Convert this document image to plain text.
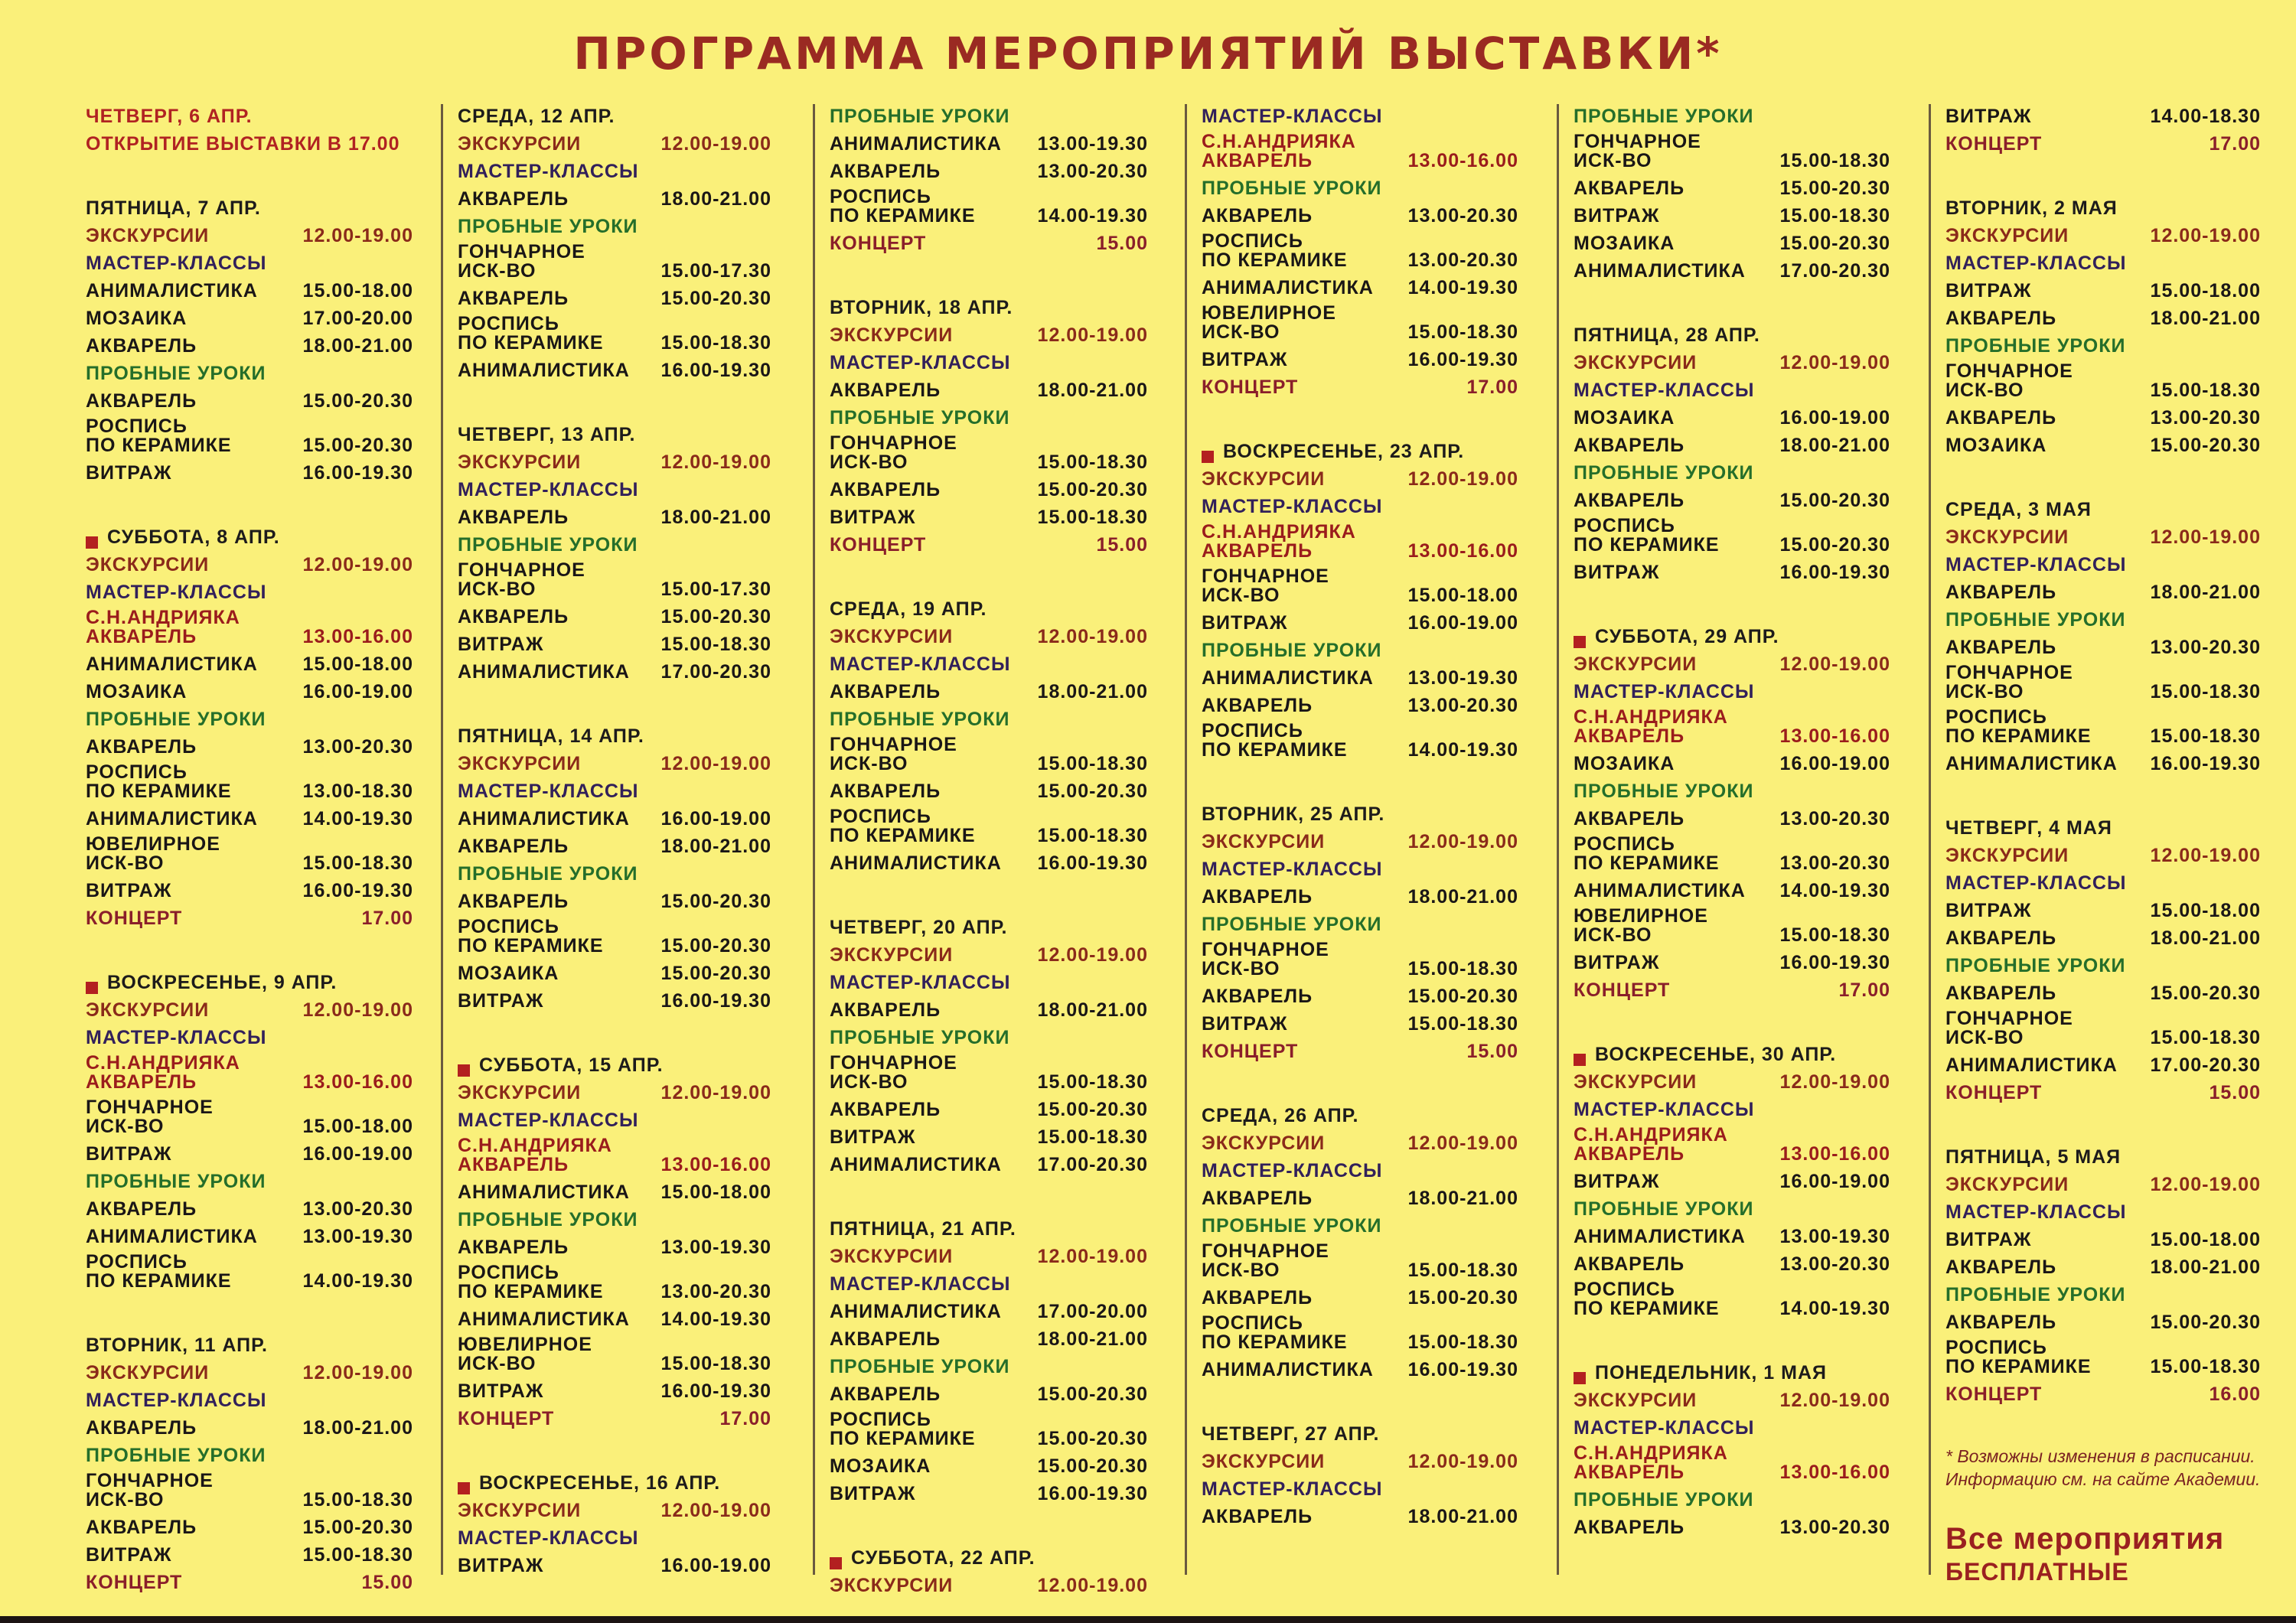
ПРОГРАММА МЕРОПРИЯТИЙ ВЫСТАВКИ*
ЧЕТВЕРГ, 6 АПР.
ОТКРЫТИЕ ВЫСТАВКИ В 17.00
ПЯТНИЦА, 7 АПР.
ЭКСКУРСИИ	12.00-19.00
МАСТЕР-КЛАССЫ
АНИМАЛИСТИКА 15.00-18.00
МОЗАИКА	17.00-20.00
АКВАРЕЛЬ	18.00-21.00
ПРОБНЫЕ УРОКИ
АКВАРЕЛЬ	15.00-20.30
РОСПИСЬ
ПО КЕРАМИКЕ	15.00-20.30
ВИТРАЖ	16.00-19.30
СУББОТА, 8 АПР.
ЭКСКУРСИИ	12.00-19.00
МАСТЕР-КЛАССЫ
С.Н.АНДРИЯКА
АКВАРЕЛЬ	13.00-16.00
АНИМАЛИСТИКА 15.00-18.00
МОЗАИКА	16.00-19.00
ПРОБНЫЕ УРОКИ
АКВАРЕЛЬ	13.00-20.30
РОСПИСЬ
ПО КЕРАМИКЕ	13.00-18.30
АНИМАЛИСТИКА 14.00-19.30
ЮВЕЛИРНОЕ
ИСК-ВО	15.00-18.30
ВИТРАЖ	16.00-19.30
КОНЦЕРТ	17.00
ВОСКРЕСЕНЬЕ, 9 АПР.
ЭКСКУРСИИ	12.00-19.00
МАСТЕР-КЛАССЫ
С.Н.АНДРИЯКА
АКВАРЕЛЬ	13.00-16.00
ГОНЧАРНОЕ
ИСК-ВО	15.00-18.00
ВИТРАЖ	16.00-19.00
ПРОБНЫЕ УРОКИ
АКВАРЕЛЬ	13.00-20.30
АНИМАЛИСТИКА 13.00-19.30
РОСПИСЬ
ПО КЕРАМИКЕ	14.00-19.30
ВТОРНИК, 11 АПР.
ЭКСКУРСИИ	12.00-19.00
МАСТЕР-КЛАССЫ
АКВАРЕЛЬ	18.00-21.00
ПРОБНЫЕ УРОКИ
ГОНЧАРНОЕ
ИСК-ВО	15.00-18.30
АКВАРЕЛЬ	15.00-20.30
ВИТРАЖ	15.00-18.30
КОНЦЕРТ	15.00
СРЕДА, 12 АПР.
ЭКСКУРСИИ	12.00-19.00
МАСТЕР-КЛАССЫ
АКВАРЕЛЬ	18.00-21.00
ПРОБНЫЕ УРОКИ
ГОНЧАРНОЕ
ИСК-ВО	15.00-17.30
АКВАРЕЛЬ	15.00-20.30
РОСПИСЬ
ПО КЕРАМИКЕ	15.00-18.30
АНИМАЛИСТИКА 16.00-19.30
ЧЕТВЕРГ, 13 АПР.
ЭКСКУРСИИ	12.00-19.00
МАСТЕР-КЛАССЫ
АКВАРЕЛЬ	18.00-21.00
ПРОБНЫЕ УРОКИ
ГОНЧАРНОЕ
ИСК-ВО	15.00-17.30
АКВАРЕЛЬ	15.00-20.30
ВИТРАЖ	15.00-18.30
АНИМАЛИСТИКА 17.00-20.30
ПЯТНИЦА, 14 АПР.
ЭКСКУРСИИ	12.00-19.00
МАСТЕР-КЛАССЫ
АНИМАЛИСТИКА 16.00-19.00
АКВАРЕЛЬ	18.00-21.00
ПРОБНЫЕ УРОКИ
АКВАРЕЛЬ	15.00-20.30
РОСПИСЬ
ПО КЕРАМИКЕ	15.00-20.30
МОЗАИКА	15.00-20.30
ВИТРАЖ	16.00-19.30
СУББОТА, 15 АПР.
ЭКСКУРСИИ	12.00-19.00
МАСТЕР-КЛАССЫ
С.Н.АНДРИЯКА
АКВАРЕЛЬ	13.00-16.00
АНИМАЛИСТИКА 15.00-18.00
ПРОБНЫЕ УРОКИ
АКВАРЕЛЬ	13.00-19.30
РОСПИСЬ
ПО КЕРАМИКЕ	13.00-20.30
АНИМАЛИСТИКА 14.00-19.30
ЮВЕЛИРНОЕ
ИСК-ВО	15.00-18.30
ВИТРАЖ	16.00-19.30
КОНЦЕРТ	17.00
ВОСКРЕСЕНЬЕ, 16 АПР.
ЭКСКУРСИИ	12.00-19.00
МАСТЕР-КЛАССЫ
ВИТРАЖ	16.00-19.00
ПРОБНЫЕ УРОКИ
АНИМАЛИСТИКА 13.00-19.30
АКВАРЕЛЬ	13.00-20.30
РОСПИСЬ
ПО КЕРАМИКЕ	14.00-19.30
КОНЦЕРТ	15.00
ВТОРНИК, 18 АПР.
ЭКСКУРСИИ	12.00-19.00
МАСТЕР-КЛАССЫ
АКВАРЕЛЬ	18.00-21.00
ПРОБНЫЕ УРОКИ
ГОНЧАРНОЕ
ИСК-ВО	15.00-18.30
АКВАРЕЛЬ	15.00-20.30
ВИТРАЖ	15.00-18.30
КОНЦЕРТ	15.00
СРЕДА, 19 АПР.
ЭКСКУРСИИ	12.00-19.00
МАСТЕР-КЛАССЫ
АКВАРЕЛЬ	18.00-21.00
ПРОБНЫЕ УРОКИ
ГОНЧАРНОЕ
ИСК-ВО	15.00-18.30
АКВАРЕЛЬ	15.00-20.30
РОСПИСЬ
ПО КЕРАМИКЕ	15.00-18.30
АНИМАЛИСТИКА 16.00-19.30
ЧЕТВЕРГ, 20 АПР.
ЭКСКУРСИИ	12.00-19.00
МАСТЕР-КЛАССЫ
АКВАРЕЛЬ	18.00-21.00
ПРОБНЫЕ УРОКИ
ГОНЧАРНОЕ
ИСК-ВО	15.00-18.30
АКВАРЕЛЬ	15.00-20.30
ВИТРАЖ	15.00-18.30
АНИМАЛИСТИКА 17.00-20.30
ПЯТНИЦА, 21 АПР.
ЭКСКУРСИИ	12.00-19.00
МАСТЕР-КЛАССЫ
АНИМАЛИСТИКА 17.00-20.00
АКВАРЕЛЬ	18.00-21.00
ПРОБНЫЕ УРОКИ
АКВАРЕЛЬ	15.00-20.30
РОСПИСЬ
ПО КЕРАМИКЕ	15.00-20.30
МОЗАИКА	15.00-20.30
ВИТРАЖ	16.00-19.30
СУББОТА, 22 АПР.
ЭКСКУРСИИ	12.00-19.00
МАСТЕР-КЛАССЫ
С.Н.АНДРИЯКА
АКВАРЕЛЬ	13.00-16.00
ПРОБНЫЕ УРОКИ
АКВАРЕЛЬ	13.00-20.30
РОСПИСЬ
ПО КЕРАМИКЕ	13.00-20.30
АНИМАЛИСТИКА 14.00-19.30
ЮВЕЛИРНОЕ
ИСК-ВО	15.00-18.30
ВИТРАЖ	16.00-19.30
КОНЦЕРТ	17.00
ВОСКРЕСЕНЬЕ, 23 АПР.
ЭКСКУРСИИ	12.00-19.00
МАСТЕР-КЛАССЫ
С.Н.АНДРИЯКА
АКВАРЕЛЬ	13.00-16.00
ГОНЧАРНОЕ
ИСК-ВО	15.00-18.00
ВИТРАЖ	16.00-19.00
ПРОБНЫЕ УРОКИ
АНИМАЛИСТИКА 13.00-19.30
АКВАРЕЛЬ	13.00-20.30
РОСПИСЬ
ПО КЕРАМИКЕ	14.00-19.30
ВТОРНИК, 25 АПР.
ЭКСКУРСИИ	12.00-19.00
МАСТЕР-КЛАССЫ
АКВАРЕЛЬ	18.00-21.00
ПРОБНЫЕ УРОКИ
ГОНЧАРНОЕ
ИСК-ВО	15.00-18.30
АКВАРЕЛЬ	15.00-20.30
ВИТРАЖ	15.00-18.30
КОНЦЕРТ	15.00
СРЕДА, 26 АПР.
ЭКСКУРСИИ	12.00-19.00
МАСТЕР-КЛАССЫ
АКВАРЕЛЬ	18.00-21.00
ПРОБНЫЕ УРОКИ
ГОНЧАРНОЕ
ИСК-ВО	15.00-18.30
АКВАРЕЛЬ	15.00-20.30
РОСПИСЬ
ПО КЕРАМИКЕ	15.00-18.30
АНИМАЛИСТИКА 16.00-19.30
ЧЕТВЕРГ, 27 АПР.
ЭКСКУРСИИ	12.00-19.00
МАСТЕР-КЛАССЫ
АКВАРЕЛЬ	18.00-21.00
ПРОБНЫЕ УРОКИ
ГОНЧАРНОЕ
ИСК-ВО	15.00-18.30
АКВАРЕЛЬ	15.00-20.30
ВИТРАЖ	15.00-18.30
МОЗАИКА	15.00-20.30
АНИМАЛИСТИКА 17.00-20.30
ПЯТНИЦА, 28 АПР.
ЭКСКУРСИИ	12.00-19.00
МАСТЕР-КЛАССЫ
МОЗАИКА	16.00-19.00
АКВАРЕЛЬ	18.00-21.00
ПРОБНЫЕ УРОКИ
АКВАРЕЛЬ	15.00-20.30
РОСПИСЬ
ПО КЕРАМИКЕ	15.00-20.30
ВИТРАЖ	16.00-19.30
СУББОТА, 29 АПР.
ЭКСКУРСИИ	12.00-19.00
МАСТЕР-КЛАССЫ
С.Н.АНДРИЯКА
АКВАРЕЛЬ	13.00-16.00
МОЗАИКА	16.00-19.00
ПРОБНЫЕ УРОКИ
АКВАРЕЛЬ	13.00-20.30
РОСПИСЬ
ПО КЕРАМИКЕ	13.00-20.30
АНИМАЛИСТИКА 14.00-19.30
ЮВЕЛИРНОЕ
ИСК-ВО	15.00-18.30
ВИТРАЖ	16.00-19.30
КОНЦЕРТ	17.00
ВОСКРЕСЕНЬЕ, 30 АПР.
ЭКСКУРСИИ	12.00-19.00
МАСТЕР-КЛАССЫ
С.Н.АНДРИЯКА
АКВАРЕЛЬ	13.00-16.00
ВИТРАЖ	16.00-19.00
ПРОБНЫЕ УРОКИ
АНИМАЛИСТИКА 13.00-19.30
АКВАРЕЛЬ	13.00-20.30
РОСПИСЬ
ПО КЕРАМИКЕ	14.00-19.30
ПОНЕДЕЛЬНИК, 1 МАЯ
ЭКСКУРСИИ	12.00-19.00
МАСТЕР-КЛАССЫ
С.Н.АНДРИЯКА
АКВАРЕЛЬ	13.00-16.00
ПРОБНЫЕ УРОКИ
АКВАРЕЛЬ	13.00-20.30
ВИТРАЖ	14.00-18.30
КОНЦЕРТ	17.00
ВТОРНИК, 2 МАЯ
ЭКСКУРСИИ	12.00-19.00
МАСТЕР-КЛАССЫ
ВИТРАЖ	15.00-18.00
АКВАРЕЛЬ	18.00-21.00
ПРОБНЫЕ УРОКИ
ГОНЧАРНОЕ
ИСК-ВО	15.00-18.30
АКВАРЕЛЬ	13.00-20.30
МОЗАИКА	15.00-20.30
СРЕДА, 3 МАЯ
ЭКСКУРСИИ	12.00-19.00
МАСТЕР-КЛАССЫ
АКВАРЕЛЬ	18.00-21.00
ПРОБНЫЕ УРОКИ
АКВАРЕЛЬ	13.00-20.30
ГОНЧАРНОЕ
ИСК-ВО	15.00-18.30
РОСПИСЬ
ПО КЕРАМИКЕ	15.00-18.30
АНИМАЛИСТИКА 16.00-19.30
ЧЕТВЕРГ, 4 МАЯ
ЭКСКУРСИИ	12.00-19.00
МАСТЕР-КЛАССЫ
ВИТРАЖ	15.00-18.00
АКВАРЕЛЬ	18.00-21.00
ПРОБНЫЕ УРОКИ
АКВАРЕЛЬ	15.00-20.30
ГОНЧАРНОЕ
ИСК-ВО	15.00-18.30
АНИМАЛИСТИКА 17.00-20.30
КОНЦЕРТ	15.00
ПЯТНИЦА, 5 МАЯ
ЭКСКУРСИИ	12.00-19.00
МАСТЕР-КЛАССЫ
ВИТРАЖ	15.00-18.00
АКВАРЕЛЬ	18.00-21.00
ПРОБНЫЕ УРОКИ
АКВАРЕЛЬ	15.00-20.30
РОСПИСЬ
ПО КЕРАМИКЕ	15.00-18.30
КОНЦЕРТ	16.00
* Возможны изменения в расписании.
Информацию см. на сайте Академии.
Все мероприятия
БЕСПЛАТНЫЕ
